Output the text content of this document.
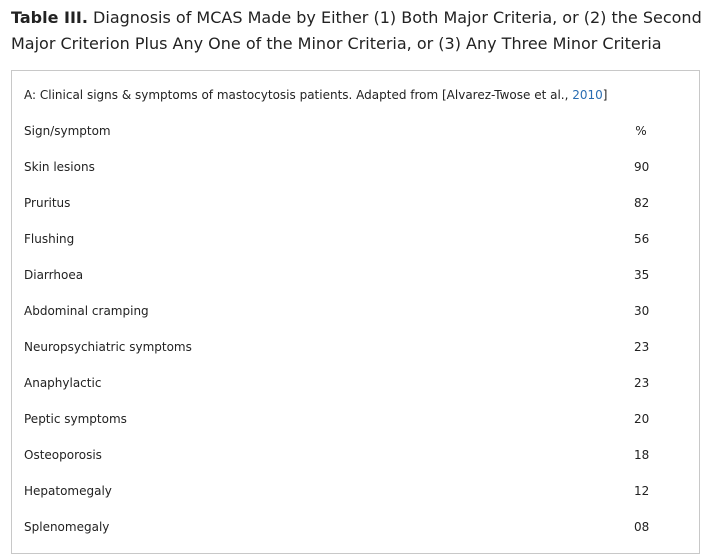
Table III. Diagnosis of MCAS Made by Either (1) Both Major Criteria, or (2) the Second Major Criterion Plus Any One of the Minor Criteria, or (3) Any Three Minor Criteria
A: Clinical signs & symptoms of mastocytosis patients. Adapted from [Alvarez-Twose et al., 2010]
Sign/symptom	%
Skin lesions	90
Pruritus	82
Flushing	56
Diarrhoea	35
Abdominal cramping	30
Neuropsychiatric symptoms	23
Anaphylactic	23
Peptic symptoms	20
Osteoporosis	18
Hepatomegaly	12
Splenomegaly	08
